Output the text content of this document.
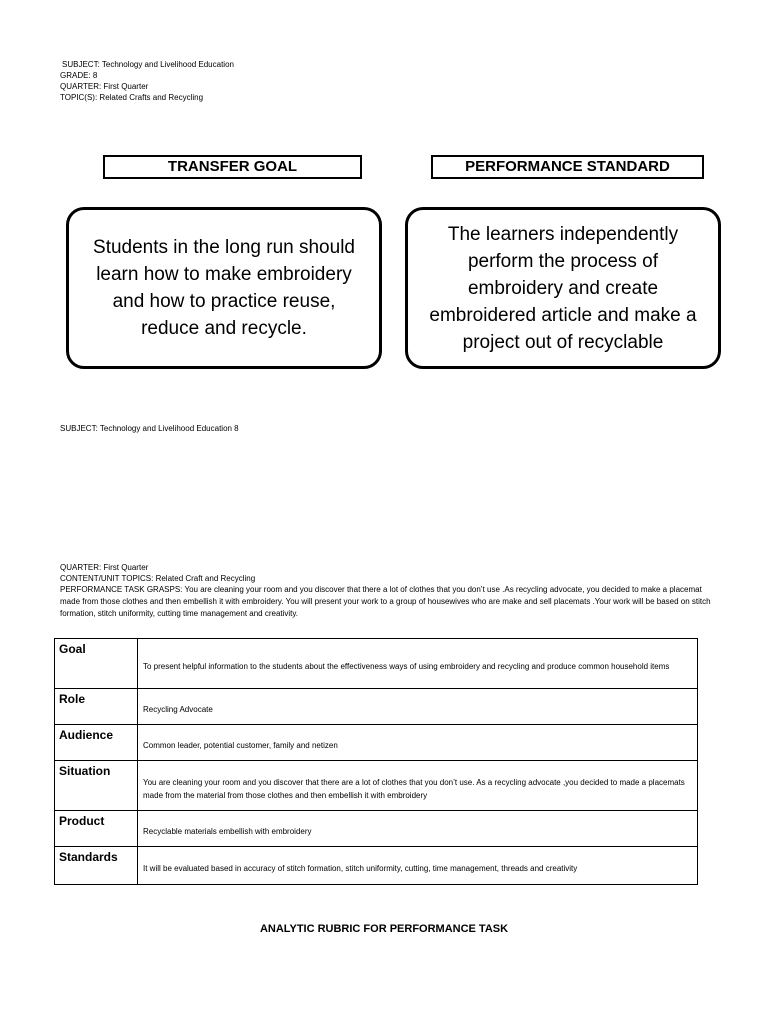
SUBJECT: Technology and Livelihood Education
GRADE: 8
QUARTER: First Quarter
TOPIC(S): Related Crafts and Recycling
TRANSFER GOAL	PERFORMANCE STANDARD
Students in the long run should
learn how to make embroidery
and how to practice reuse,
reduce and recycle.
The learners independently
perform the process of
embroidery and create
embroidered article and make a
project out of recyclable
SUBJECT: Technology and Livelihood Education 8
QUARTER: First Quarter
CONTENT/UNIT TOPICS: Related Craft and Recycling
PERFORMANCE TASK GRASPS: You are cleaning your room and you discover that there a lot of clothes that you don’t use .As recycling advocate, you decided to make a placemat made from those clothes and then embellish it with embroidery. You will present your work to a group of housewives who are make and sell placemats .Your work will be based on stitch formation, stitch uniformity, cutting time management and creativity.
Goal	To present helpful information to the students about the effectiveness ways of using embroidery and recycling and produce common household items
Role	Recycling Advocate
Audience	Common leader, potential customer, family and netizen
Situation	You are cleaning your room and you discover that there are a lot of clothes that you don’t use. As a recycling advocate ,you decided to made a placemats made from the material from those clothes and then embellish it with embroidery
Product	Recyclable materials embellish with embroidery
Standards	It will be evaluated based in accuracy of stitch formation, stitch uniformity, cutting, time management, threads and creativity
ANALYTIC RUBRIC FOR PERFORMANCE TASK
